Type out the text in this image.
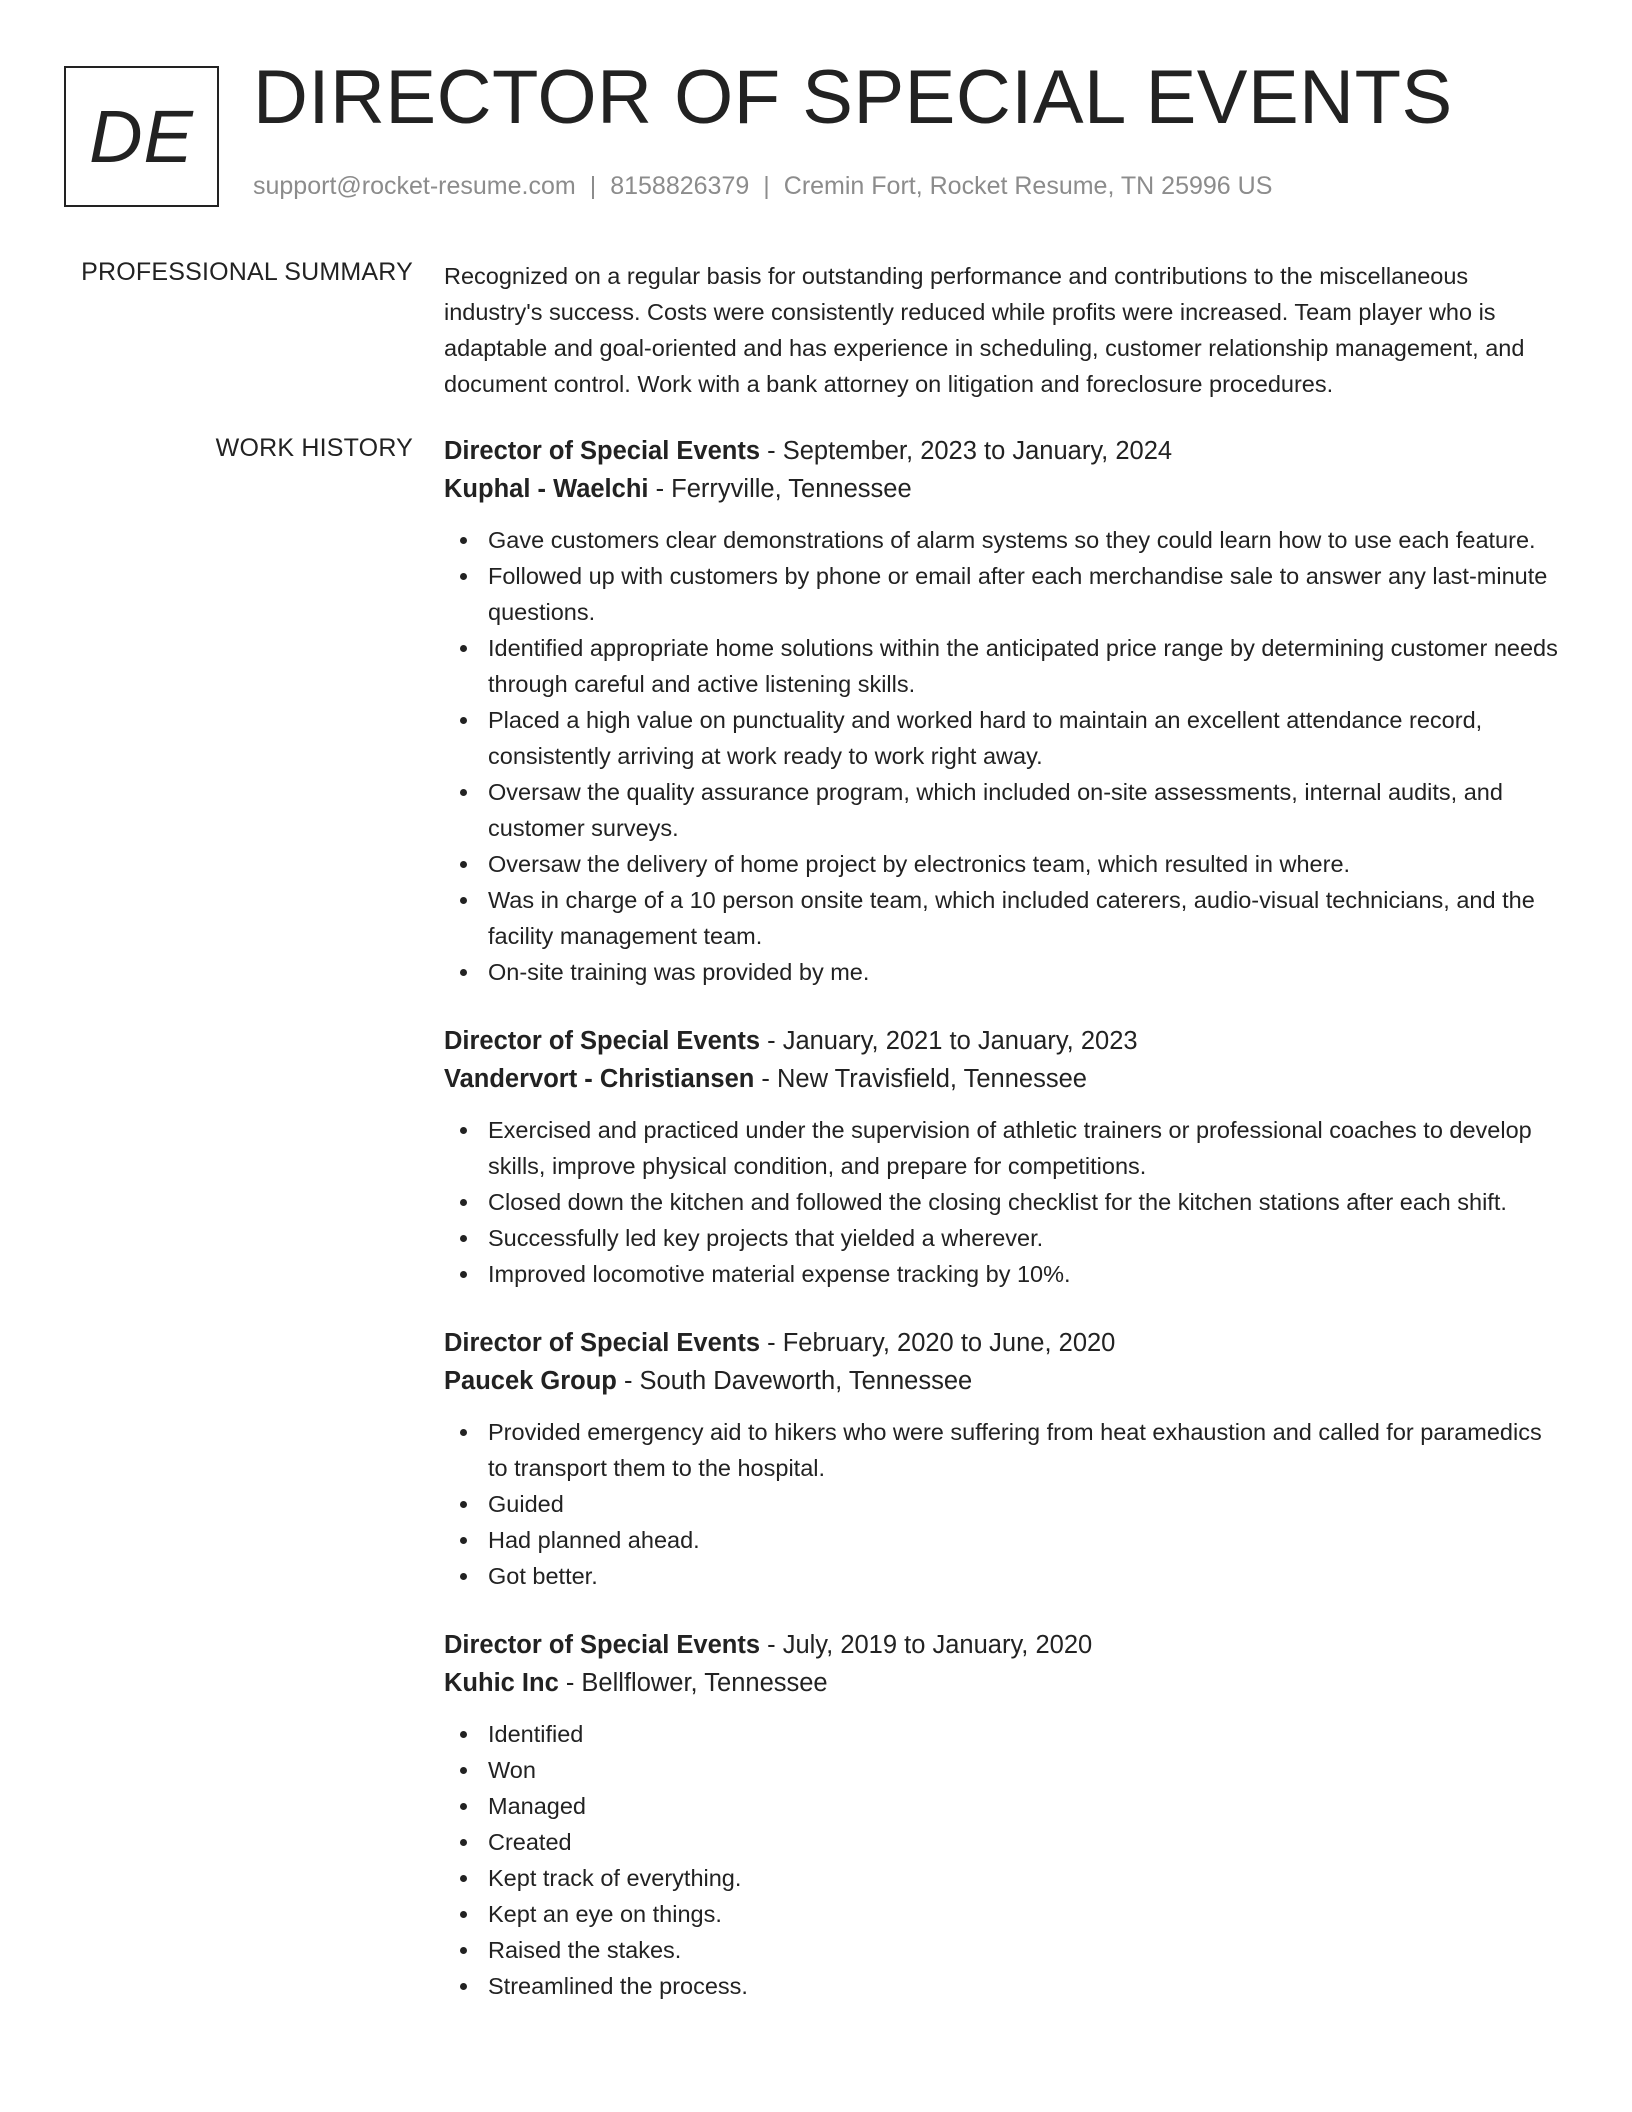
DE DIRECTOR OF SPECIAL EVENTS
support@rocket-resume.com | 8158826379 | Cremin Fort, Rocket Resume, TN 25996 US
PROFESSIONAL SUMMARY Recognized on a regular basis for outstanding performance and contributions to the miscellaneous industry's success. Costs were consistently reduced while profits were increased. Team player who is adaptable and goal-oriented and has experience in scheduling, customer relationship management, and document control. Work with a bank attorney on litigation and foreclosure procedures.

WORK HISTORY Director of Special Events - September, 2023 to January, 2024
Kuphal - Waelchi - Ferryville, Tennessee
Gave customers clear demonstrations of alarm systems so they could learn how to use each feature.
Followed up with customers by phone or email after each merchandise sale to answer any last-minute questions.
Identified appropriate home solutions within the anticipated price range by determining customer needs through careful and active listening skills.
Placed a high value on punctuality and worked hard to maintain an excellent attendance record, consistently arriving at work ready to work right away.
Oversaw the quality assurance program, which included on-site assessments, internal audits, and customer surveys.
Oversaw the delivery of home project by electronics team, which resulted in where.
Was in charge of a 10 person onsite team, which included caterers, audio-visual technicians, and the facility management team.
On-site training was provided by me.
Director of Special Events - January, 2021 to January, 2023
Vandervort - Christiansen - New Travisfield, Tennessee
Exercised and practiced under the supervision of athletic trainers or professional coaches to develop skills, improve physical condition, and prepare for competitions.
Closed down the kitchen and followed the closing checklist for the kitchen stations after each shift.
Successfully led key projects that yielded a wherever.
Improved locomotive material expense tracking by 10%.
Director of Special Events - February, 2020 to June, 2020
Paucek Group - South Daveworth, Tennessee
Provided emergency aid to hikers who were suffering from heat exhaustion and called for paramedics to transport them to the hospital.
Guided
Had planned ahead.
Got better.
Director of Special Events - July, 2019 to January, 2020
Kuhic Inc - Bellflower, Tennessee
Identified
Won
Managed
Created
Kept track of everything.
Kept an eye on things.
Raised the stakes.
Streamlined the process.
